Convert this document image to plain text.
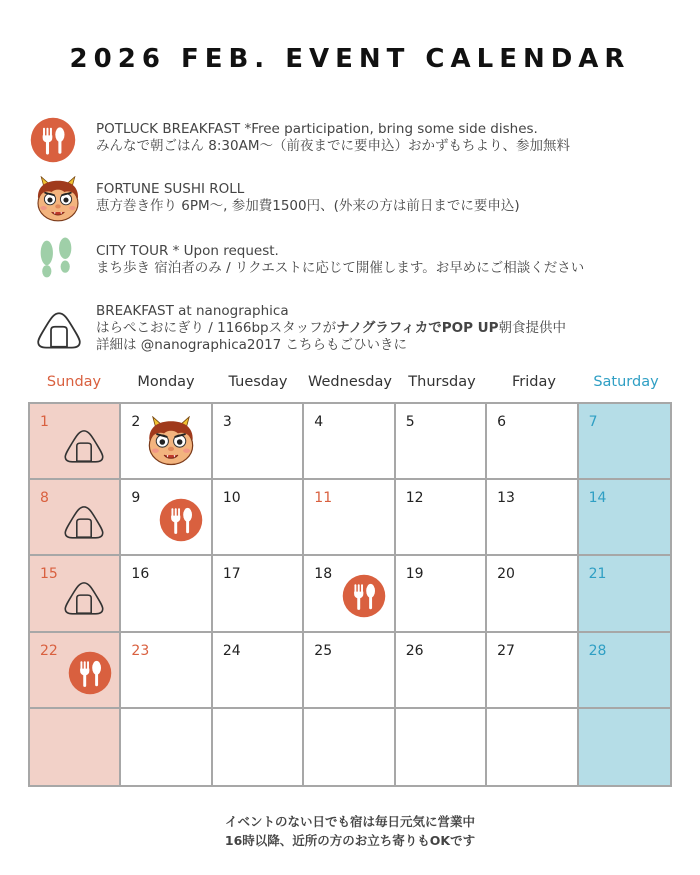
2026 FEB. EVENT CALENDAR
POTLUCK BREAKFAST *Free participation, bring some side dishes.
みんなで朝ごはん 8:30AM〜（前夜までに要申込）おかずもちより、参加無料
FORTUNE SUSHI ROLL
恵方巻き作り 6PM〜, 参加費1500円、(外来の方は前日までに要申込)
CITY TOUR * Upon request.
まち歩き 宿泊者のみ / リクエストに応じて開催します。お早めにご相談ください
BREAKFAST at nanographica
はらぺこおにぎり / 1166bpスタッフがナノグラフィカでPOP UP朝食提供中
詳細は @nanographica2017 こちらもごひいきに
Sunday	Monday	Tuesday	Wednesday	Thursday	Friday	Saturday
1	2	3	4	5	6	7
8	9	10	11	12	13	14
15	16	17	18	19	20	21
22	23	24	25	26	27	28
イベントのない日でも宿は毎日元気に営業中
16時以降、近所の方のお立ち寄りもOKです
